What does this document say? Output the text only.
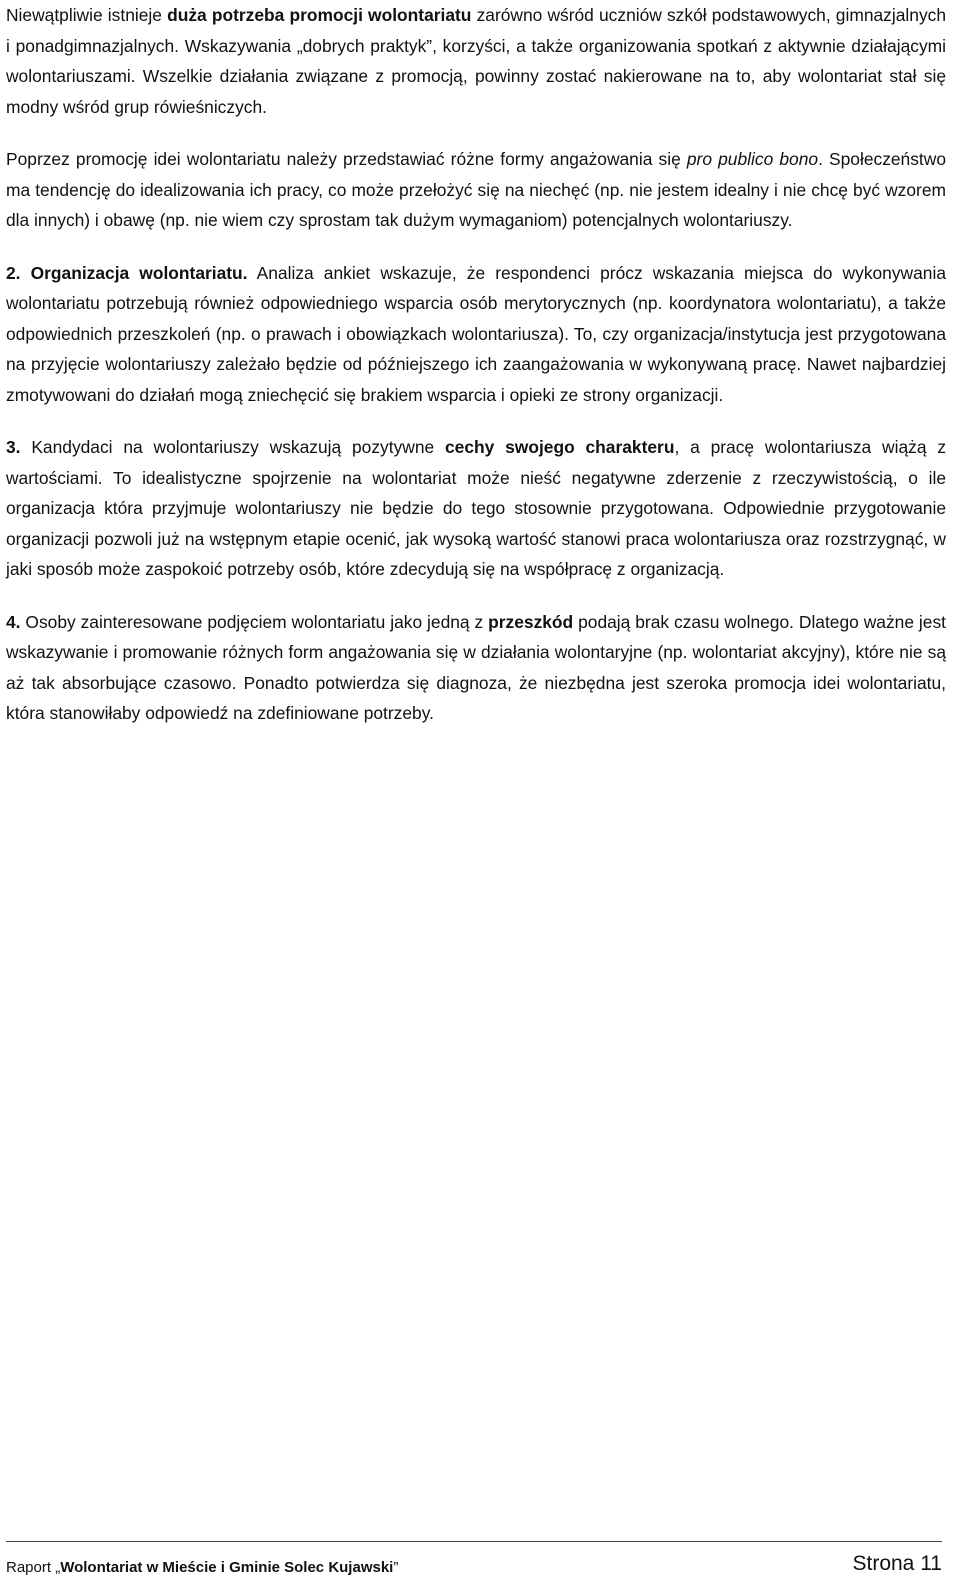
Niewątpliwie istnieje duża potrzeba promocji wolontariatu zarówno wśród uczniów szkół podstawowych, gimnazjalnych i ponadgimnazjalnych. Wskazywania „dobrych praktyk”, korzyści, a także organizowania spotkań z aktywnie działającymi wolontariuszami. Wszelkie działania związane z promocją, powinny zostać nakierowane na to, aby wolontariat stał się modny wśród grup rówieśniczych.

Poprzez promocję idei wolontariatu należy przedstawiać różne formy angażowania się pro publico bono. Społeczeństwo ma tendencję do idealizowania ich pracy, co może przełożyć się na niechęć (np. nie jestem idealny i nie chcę być wzorem dla innych) i obawę (np. nie wiem czy sprostam tak dużym wymaganiom) potencjalnych wolontariuszy.

2. Organizacja wolontariatu. Analiza ankiet wskazuje, że respondenci prócz wskazania miejsca do wykonywania wolontariatu potrzebują również odpowiedniego wsparcia osób merytorycznych (np. koordynatora wolontariatu), a także odpowiednich przeszkoleń (np. o prawach i obowiązkach wolontariusza). To, czy organizacja/instytucja jest przygotowana na przyjęcie wolontariuszy zależało będzie od późniejszego ich zaangażowania w wykonywaną pracę. Nawet najbardziej zmotywowani do działań mogą zniechęcić się brakiem wsparcia i opieki ze strony organizacji.

3. Kandydaci na wolontariuszy wskazują pozytywne cechy swojego charakteru, a pracę wolontariusza wiążą z wartościami. To idealistyczne spojrzenie na wolontariat może nieść negatywne zderzenie z rzeczywistością, o ile organizacja która przyjmuje wolontariuszy nie będzie do tego stosownie przygotowana. Odpowiednie przygotowanie organizacji pozwoli już na wstępnym etapie ocenić, jak wysoką wartość stanowi praca wolontariusza oraz rozstrzygnąć, w jaki sposób może zaspokoić potrzeby osób, które zdecydują się na współpracę z organizacją.

4. Osoby zainteresowane podjęciem wolontariatu jako jedną z przeszkód podają brak czasu wolnego. Dlatego ważne jest wskazywanie i promowanie różnych form angażowania się w działania wolontaryjne (np. wolontariat akcyjny), które nie są aż tak absorbujące czasowo. Ponadto potwierdza się diagnoza, że niezbędna jest szeroka promocja idei wolontariatu, która stanowiłaby odpowiedź na zdefiniowane potrzeby.

Raport „Wolontariat w Mieście i Gminie Solec Kujawski”	Strona 11
